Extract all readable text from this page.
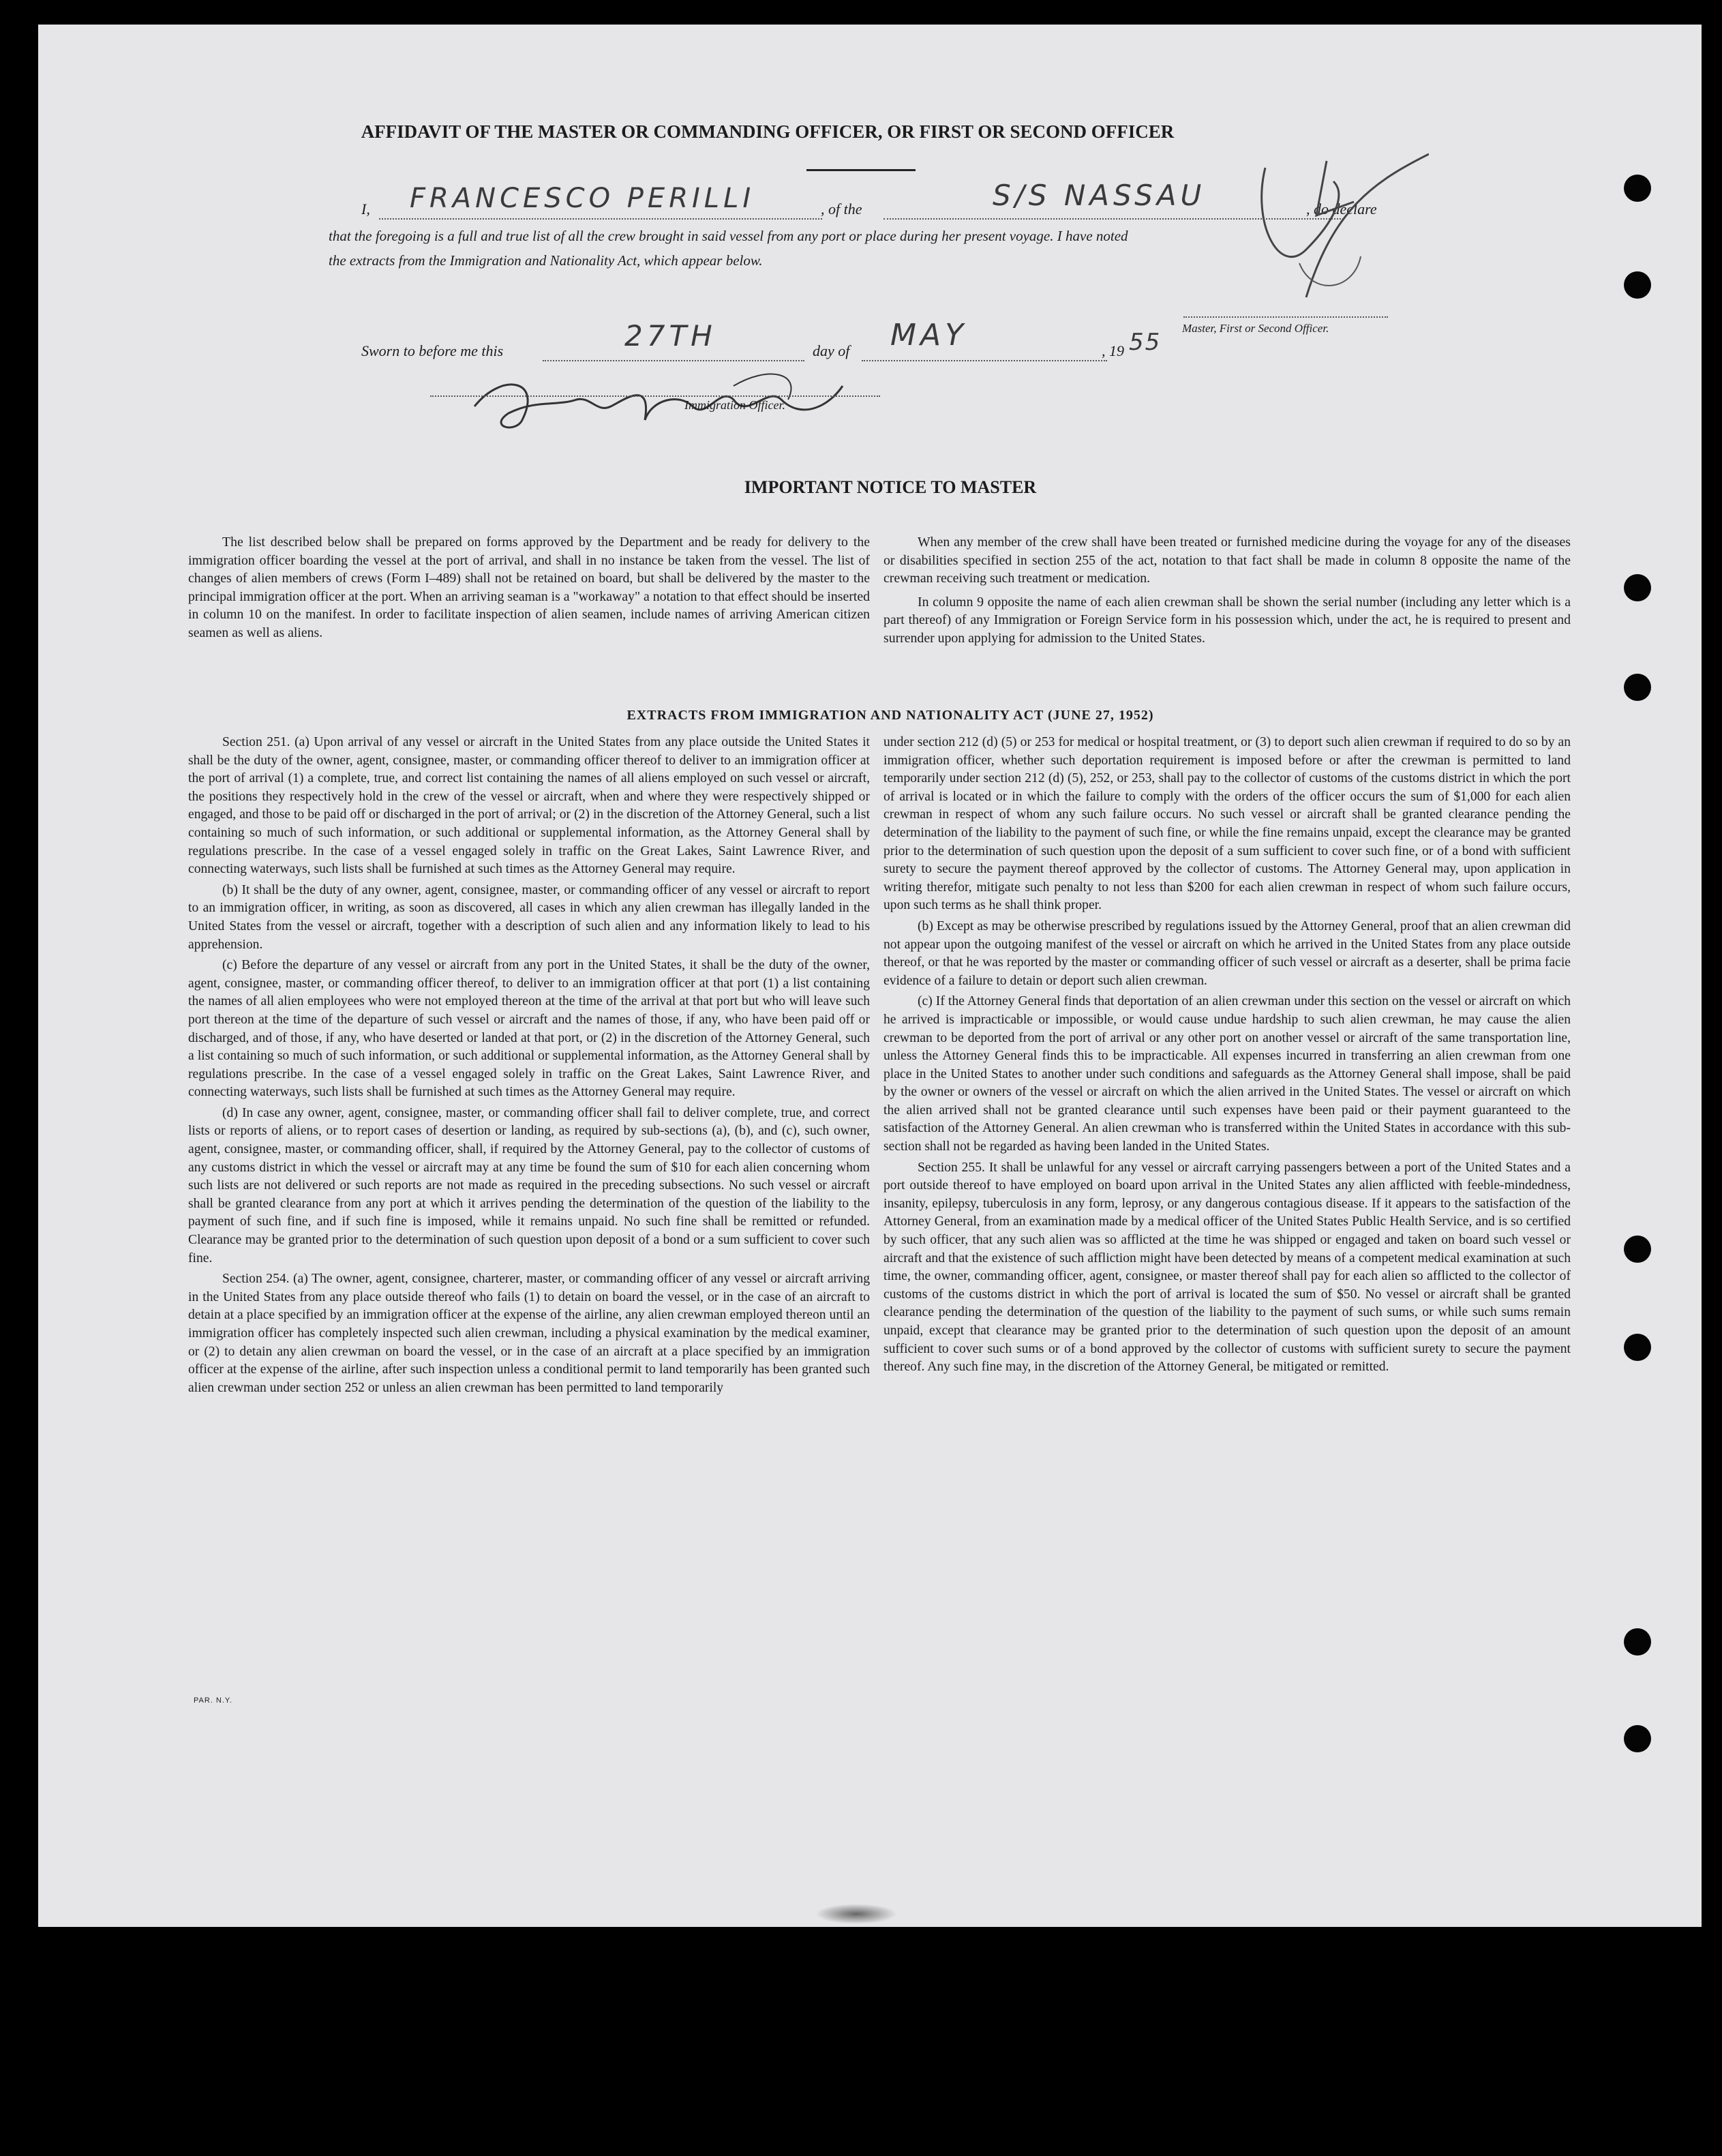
AFFIDAVIT OF THE MASTER OR COMMANDING OFFICER, OR FIRST OR SECOND OFFICER
I, FRANCESCO PERILLI	, of the	S/S NASSAU	, do declare
that the foregoing is a full and true list of all the crew brought in said vessel from any port or place during her present voyage. I have noted
the extracts from the Immigration and Nationality Act, which appear below.
Master, First or Second Officer.
Sworn to before me this	27TH	day of MAY	, 19 55
Immigration Officer.
IMPORTANT NOTICE TO MASTER

The list described below shall be prepared on forms approved by the Department and be ready for delivery to the immigration officer boarding the vessel at the port of arrival, and shall in no instance be taken from the vessel. The list of changes of alien members of crews (Form I–489) shall not be retained on board, but shall be delivered by the master to the principal immigration officer at the port. When an arriving seaman is a "workaway" a notation to that effect should be inserted in column 10 on the manifest. In order to facilitate inspection of alien seamen, include names of arriving American citizen seamen as well as aliens.

When any member of the crew shall have been treated or furnished medicine during the voyage for any of the diseases or disabilities specified in section 255 of the act, notation to that fact shall be made in column 8 opposite the name of the crewman receiving such treatment or medication.

In column 9 opposite the name of each alien crewman shall be shown the serial number (including any letter which is a part thereof) of any Immigration or Foreign Service form in his possession which, under the act, he is required to present and surrender upon applying for admission to the United States.

EXTRACTS FROM IMMIGRATION AND NATIONALITY ACT (JUNE 27, 1952)

Section 251. (a) Upon arrival of any vessel or aircraft in the United States from any place outside the United States it shall be the duty of the owner, agent, consignee, master, or commanding officer thereof to deliver to an immigration officer at the port of arrival (1) a complete, true, and correct list containing the names of all aliens employed on such vessel or aircraft, the positions they respectively hold in the crew of the vessel or aircraft, when and where they were respectively shipped or engaged, and those to be paid off or discharged in the port of arrival; or (2) in the discretion of the Attorney General, such a list containing so much of such information, or such additional or supplemental information, as the Attorney General shall by regulations prescribe. In the case of a vessel engaged solely in traffic on the Great Lakes, Saint Lawrence River, and connecting waterways, such lists shall be furnished at such times as the Attorney General may require.

(b) It shall be the duty of any owner, agent, consignee, master, or commanding officer of any vessel or aircraft to report to an immigration officer, in writing, as soon as discovered, all cases in which any alien crewman has illegally landed in the United States from the vessel or aircraft, together with a description of such alien and any information likely to lead to his apprehension.

(c) Before the departure of any vessel or aircraft from any port in the United States, it shall be the duty of the owner, agent, consignee, master, or commanding officer thereof, to deliver to an immigration officer at that port (1) a list containing the names of all alien employees who were not employed thereon at the time of the arrival at that port but who will leave such port thereon at the time of the departure of such vessel or aircraft and the names of those, if any, who have been paid off or discharged, and of those, if any, who have deserted or landed at that port, or (2) in the discretion of the Attorney General, such a list containing so much of such information, or such additional or supplemental information, as the Attorney General shall by regulations prescribe. In the case of a vessel engaged solely in traffic on the Great Lakes, Saint Lawrence River, and connecting waterways, such lists shall be furnished at such times as the Attorney General may require.

(d) In case any owner, agent, consignee, master, or commanding officer shall fail to deliver complete, true, and correct lists or reports of aliens, or to report cases of desertion or landing, as required by sub-sections (a), (b), and (c), such owner, agent, consignee, master, or commanding officer, shall, if required by the Attorney General, pay to the collector of customs of any customs district in which the vessel or aircraft may at any time be found the sum of $10 for each alien concerning whom such lists are not delivered or such reports are not made as required in the preceding subsections. No such vessel or aircraft shall be granted clearance from any port at which it arrives pending the determination of the question of the liability to the payment of such fine, and if such fine is imposed, while it remains unpaid. No such fine shall be remitted or refunded. Clearance may be granted prior to the determination of such question upon deposit of a bond or a sum sufficient to cover such fine.

Section 254. (a) The owner, agent, consignee, charterer, master, or commanding officer of any vessel or aircraft arriving in the United States from any place outside thereof who fails (1) to detain on board the vessel, or in the case of an aircraft to detain at a place specified by an immigration officer at the expense of the airline, any alien crewman employed thereon until an immigration officer has completely inspected such alien crewman, including a physical examination by the medical examiner, or (2) to detain any alien crewman on board the vessel, or in the case of an aircraft at a place specified by an immigration officer at the expense of the airline, after such inspection unless a conditional permit to land temporarily has been granted such alien crewman under section 252 or unless an alien crewman has been permitted to land temporarily

under section 212 (d) (5) or 253 for medical or hospital treatment, or (3) to deport such alien crewman if required to do so by an immigration officer, whether such deportation requirement is imposed before or after the crewman is permitted to land temporarily under section 212 (d) (5), 252, or 253, shall pay to the collector of customs of the customs district in which the port of arrival is located or in which the failure to comply with the orders of the officer occurs the sum of $1,000 for each alien crewman in respect of whom any such failure occurs. No such vessel or aircraft shall be granted clearance pending the determination of the liability to the payment of such fine, or while the fine remains unpaid, except the clearance may be granted prior to the determination of such question upon the deposit of a sum sufficient to cover such fine, or of a bond with sufficient surety to secure the payment thereof approved by the collector of customs. The Attorney General may, upon application in writing therefor, mitigate such penalty to not less than $200 for each alien crewman in respect of whom such failure occurs, upon such terms as he shall think proper.

(b) Except as may be otherwise prescribed by regulations issued by the Attorney General, proof that an alien crewman did not appear upon the outgoing manifest of the vessel or aircraft on which he arrived in the United States from any place outside thereof, or that he was reported by the master or commanding officer of such vessel or aircraft as a deserter, shall be prima facie evidence of a failure to detain or deport such alien crewman.

(c) If the Attorney General finds that deportation of an alien crewman under this section on the vessel or aircraft on which he arrived is impracticable or impossible, or would cause undue hardship to such alien crewman, he may cause the alien crewman to be deported from the port of arrival or any other port on another vessel or aircraft of the same transportation line, unless the Attorney General finds this to be impracticable. All expenses incurred in transferring an alien crewman from one place in the United States to another under such conditions and safeguards as the Attorney General shall impose, shall be paid by the owner or owners of the vessel or aircraft on which the alien arrived in the United States. The vessel or aircraft on which the alien arrived shall not be granted clearance until such expenses have been paid or their payment guaranteed to the satisfaction of the Attorney General. An alien crewman who is transferred within the United States in accordance with this sub-section shall not be regarded as having been landed in the United States.

Section 255. It shall be unlawful for any vessel or aircraft carrying passengers between a port of the United States and a port outside thereof to have employed on board upon arrival in the United States any alien afflicted with feeble-mindedness, insanity, epilepsy, tuberculosis in any form, leprosy, or any dangerous contagious disease. If it appears to the satisfaction of the Attorney General, from an examination made by a medical officer of the United States Public Health Service, and is so certified by such officer, that any such alien was so afflicted at the time he was shipped or engaged and taken on board such vessel or aircraft and that the existence of such affliction might have been detected by means of a competent medical examination at such time, the owner, commanding officer, agent, consignee, or master thereof shall pay for each alien so afflicted to the collector of customs of the customs district in which the port of arrival is located the sum of $50. No vessel or aircraft shall be granted clearance pending the determination of the question of the liability to the payment of such sums, or while such sums remain unpaid, except that clearance may be granted prior to the determination of such question upon the deposit of an amount sufficient to cover such sums or of a bond approved by the collector of customs with sufficient surety to secure the payment thereof. Any such fine may, in the discretion of the Attorney General, be mitigated or remitted.

PAR. N.Y.
